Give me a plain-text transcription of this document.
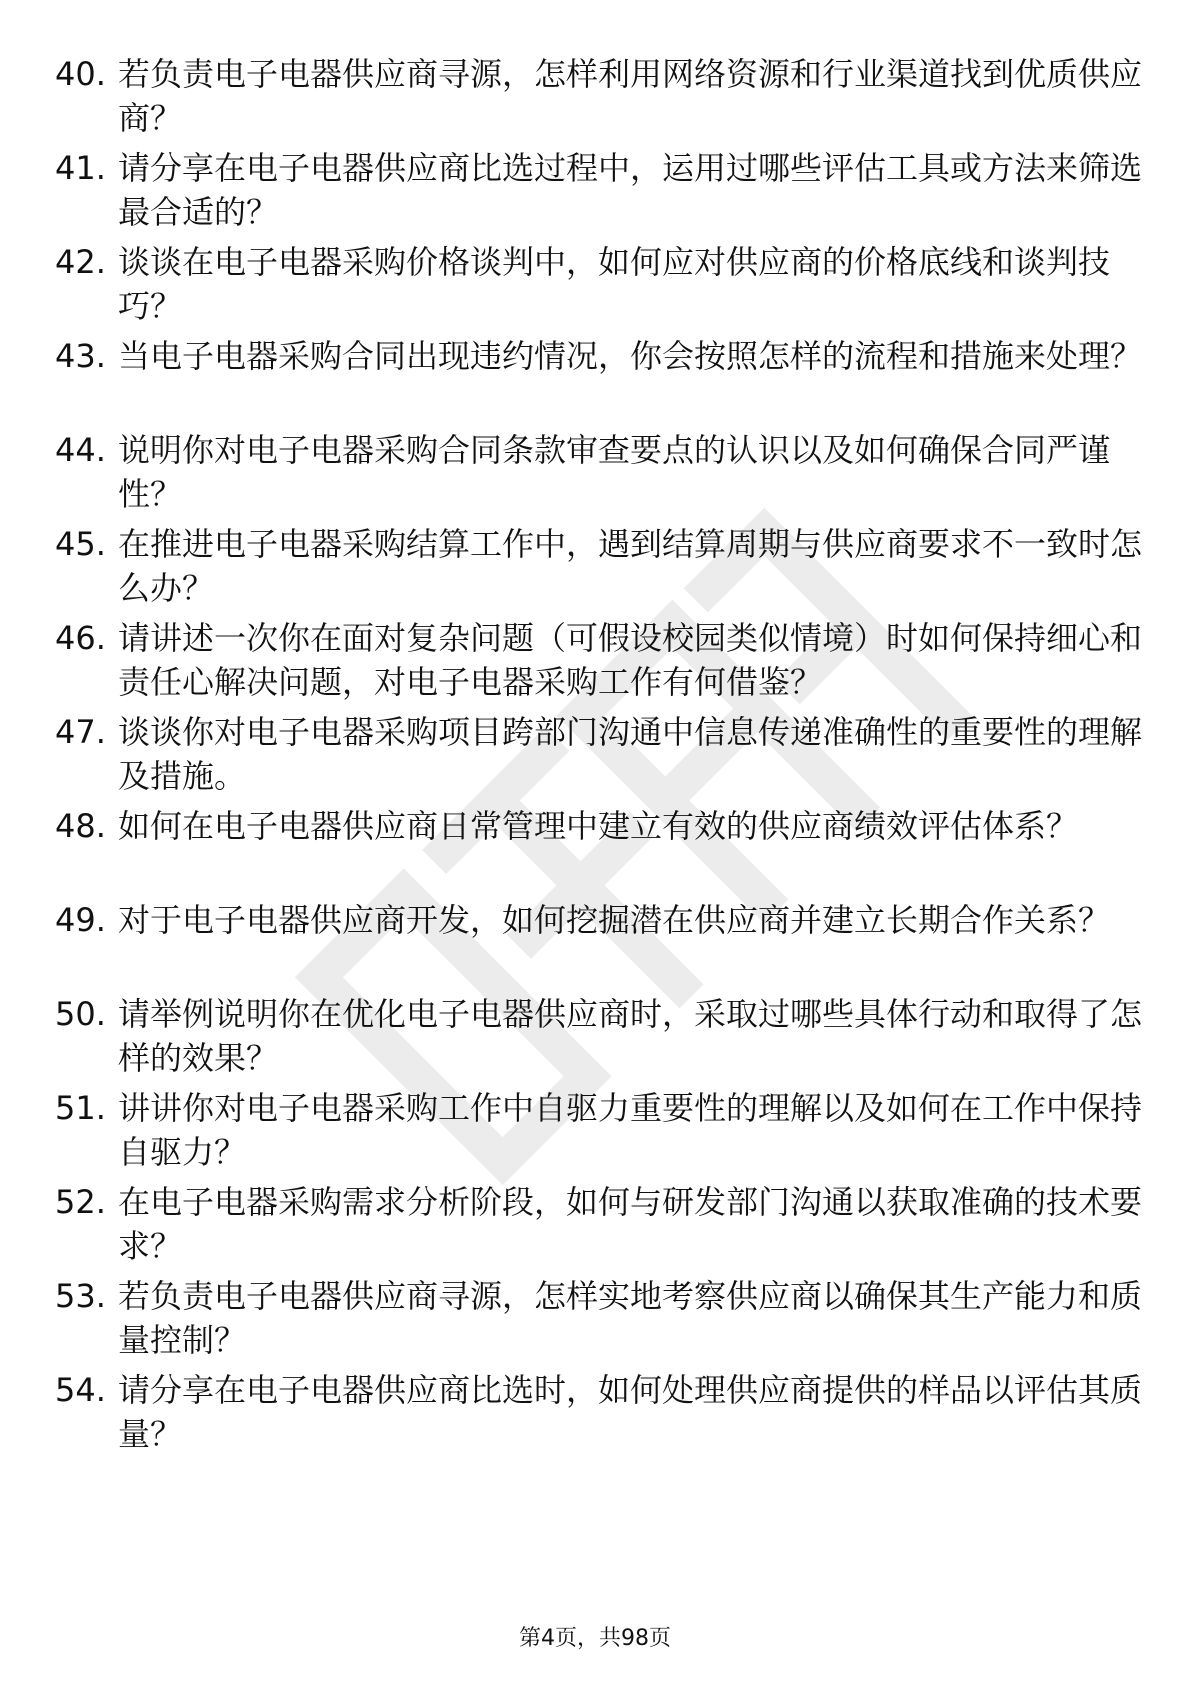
40. 若负责电子电器供应商寻源，怎样利用网络资源和行业渠道找到优质供应商？
41. 请分享在电子电器供应商比选过程中，运用过哪些评估工具或方法来筛选最合适的？
42. 谈谈在电子电器采购价格谈判中，如何应对供应商的价格底线和谈判技巧？
43. 当电子电器采购合同出现违约情况，你会按照怎样的流程和措施来处理？
44. 说明你对电子电器采购合同条款审查要点的认识以及如何确保合同严谨性？
45. 在推进电子电器采购结算工作中，遇到结算周期与供应商要求不一致时怎么办？
46. 请讲述一次你在面对复杂问题（可假设校园类似情境）时如何保持细心和责任心解决问题，对电子电器采购工作有何借鉴？
47. 谈谈你对电子电器采购项目跨部门沟通中信息传递准确性的重要性的理解及措施。
48. 如何在电子电器供应商日常管理中建立有效的供应商绩效评估体系？
49. 对于电子电器供应商开发，如何挖掘潜在供应商并建立长期合作关系？
50. 请举例说明你在优化电子电器供应商时，采取过哪些具体行动和取得了怎样的效果？
51. 讲讲你对电子电器采购工作中自驱力重要性的理解以及如何在工作中保持自驱力？
52. 在电子电器采购需求分析阶段，如何与研发部门沟通以获取准确的技术要求？
53. 若负责电子电器供应商寻源，怎样实地考察供应商以确保其生产能力和质量控制？
54. 请分享在电子电器供应商比选时，如何处理供应商提供的样品以评估其质量？
第4页，共98页
